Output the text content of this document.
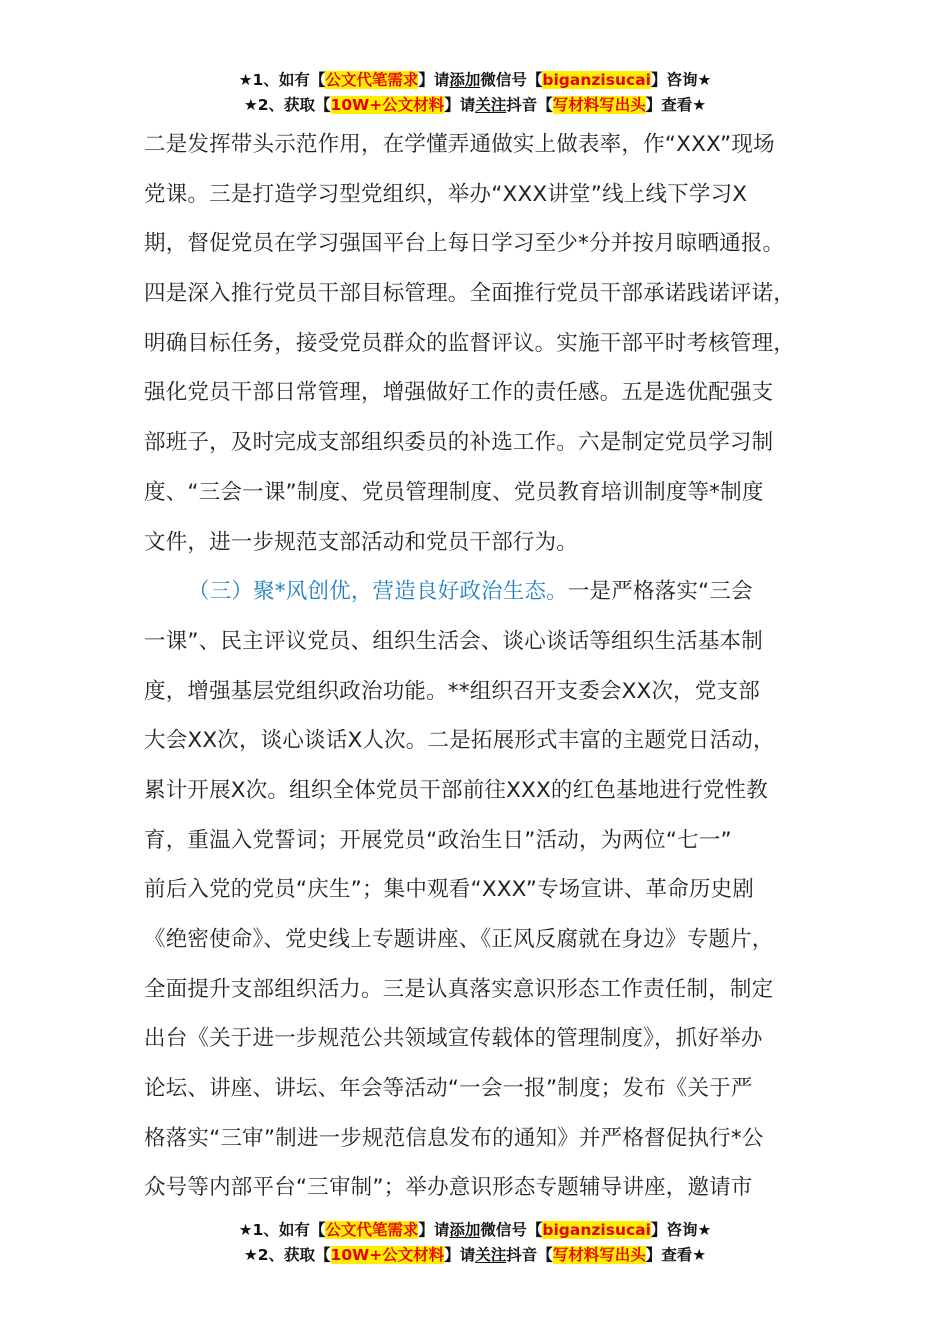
★1、如有【公文代笔需求】请添加微信号【biganzisucai】咨询★
★2、获取【10W+公文材料】请关注抖音【写材料写出头】查看★
二是发挥带头示范作用，在学懂弄通做实上做表率，作“XXX”现场
党课。三是打造学习型党组织，举办“XXX讲堂”线上线下学习X
期，督促党员在学习强国平台上每日学习至少*分并按月晾晒通报。
四是深入推行党员干部目标管理。全面推行党员干部承诺践诺评诺，
明确目标任务，接受党员群众的监督评议。实施干部平时考核管理，
强化党员干部日常管理，增强做好工作的责任感。五是选优配强支
部班子，及时完成支部组织委员的补选工作。六是制定党员学习制
度、“三会一课”制度、党员管理制度、党员教育培训制度等*制度
文件，进一步规范支部活动和党员干部行为。
（三）聚*风创优，营造良好政治生态。一是严格落实“三会
一课”、民主评议党员、组织生活会、谈心谈话等组织生活基本制
度，增强基层党组织政治功能。**组织召开支委会XX次，党支部
大会XX次，谈心谈话X人次。二是拓展形式丰富的主题党日活动，
累计开展X次。组织全体党员干部前往XXX的红色基地进行党性教
育，重温入党誓词；开展党员“政治生日”活动，为两位“七一”
前后入党的党员“庆生”；集中观看“XXX”专场宣讲、革命历史剧
《绝密使命》、党史线上专题讲座、《正风反腐就在身边》专题片，
全面提升支部组织活力。三是认真落实意识形态工作责任制，制定
出台《关于进一步规范公共领域宣传载体的管理制度》，抓好举办
论坛、讲座、讲坛、年会等活动“一会一报”制度；发布《关于严
格落实“三审”制进一步规范信息发布的通知》并严格督促执行*公
众号等内部平台“三审制”；举办意识形态专题辅导讲座，邀请市
★1、如有【公文代笔需求】请添加微信号【biganzisucai】咨询★
★2、获取【10W+公文材料】请关注抖音【写材料写出头】查看★
